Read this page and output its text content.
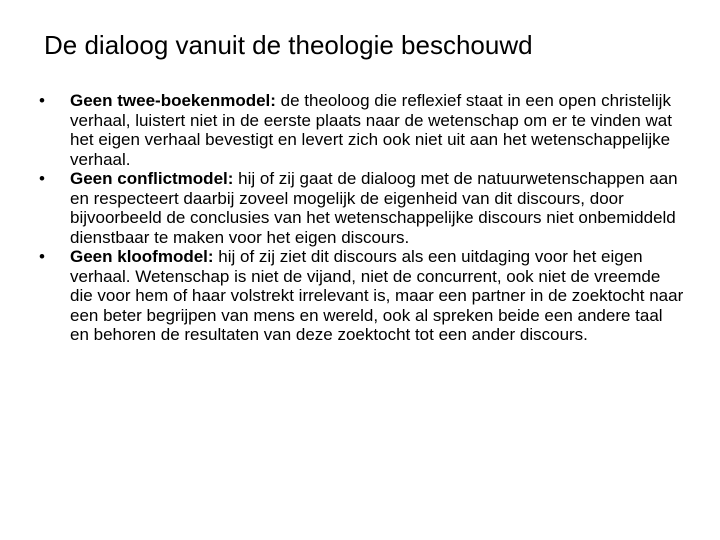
De dialoog vanuit de theologie beschouwd
• Geen twee-boekenmodel: de theoloog die reflexief staat in een open christelijk verhaal, luistert niet in de eerste plaats naar de wetenschap om er te vinden wat het eigen verhaal bevestigt en levert zich ook niet uit aan het wetenschappelijke verhaal.
• Geen conflictmodel: hij of zij gaat de dialoog met de natuurwetenschappen aan en respecteert daarbij zoveel mogelijk de eigenheid van dit discours, door bijvoorbeeld de conclusies van het wetenschappelijke discours niet onbemiddeld dienstbaar te maken voor het eigen discours.
• Geen kloofmodel: hij of zij ziet dit discours als een uitdaging voor het eigen verhaal. Wetenschap is niet de vijand, niet de concurrent, ook niet de vreemde die voor hem of haar volstrekt irrelevant is, maar een partner in de zoektocht naar een beter begrijpen van mens en wereld, ook al spreken beide een andere taal en behoren de resultaten van deze zoektocht tot een ander discours.
